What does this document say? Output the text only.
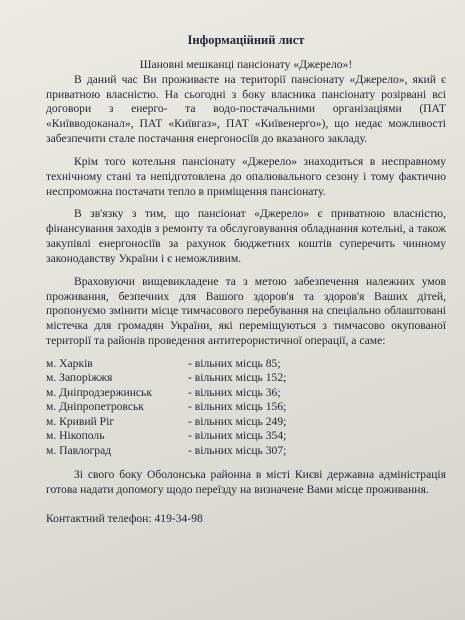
Інформаційний лист

Шановні мешканці пансіонату «Джерело»!

В даний час Ви проживаєте на території пансіонату «Джерело», який є приватною власністю. На сьогодні з боку власника пансіонату розірвані всі договори з енерго- та водо-постачальними організаціями (ПАТ «Київводоканал», ПАТ «Київгаз», ПАТ «Київенерго»), що недає можливості забезпечити стале постачання енергоносіїв до вказаного закладу.

Крім того котельня пансіонату «Джерело» знаходиться в несправному технічному стані та непідготовлена до опалювального сезону і тому фактично неспроможна постачати тепло в приміщення пансіонату.

В зв'язку з тим, що пансіонат «Джерело» є приватною власністю, фінансування заходів з ремонту та обслуговування обладнання котельні, а також закупівлі енергоносіїв за рахунок бюджетних коштів суперечить чинному законодавству України і є неможливим.

Враховуючи вищевикладене та з метою забезпечення належних умов проживання, безпечних для Вашого здоров'я та здоров'я Ваших дітей, пропонуємо змінити місце тимчасового перебування на спеціально облаштовані містечка для громадян України, які переміщуються з тимчасово окупованої території та районів проведення антитерористичної операції, а саме:

м. Харків	- вільних місць 85;
м. Запоріжжя	- вільних місць 152;
м. Дніпродзержинськ	- вільних місць 36;
м. Дніпропетровськ	- вільних місць 156;
м. Кривий Ріг	- вільних місць 249;
м. Нікополь	- вільних місць 354;
м. Павлоград	- вільних місць 307;

Зі свого боку Оболонська районна в місті Києві державна адміністрація готова надати допомогу щодо переїзду на визначене Вами місце проживання.

Контактний телефон: 419-34-98
